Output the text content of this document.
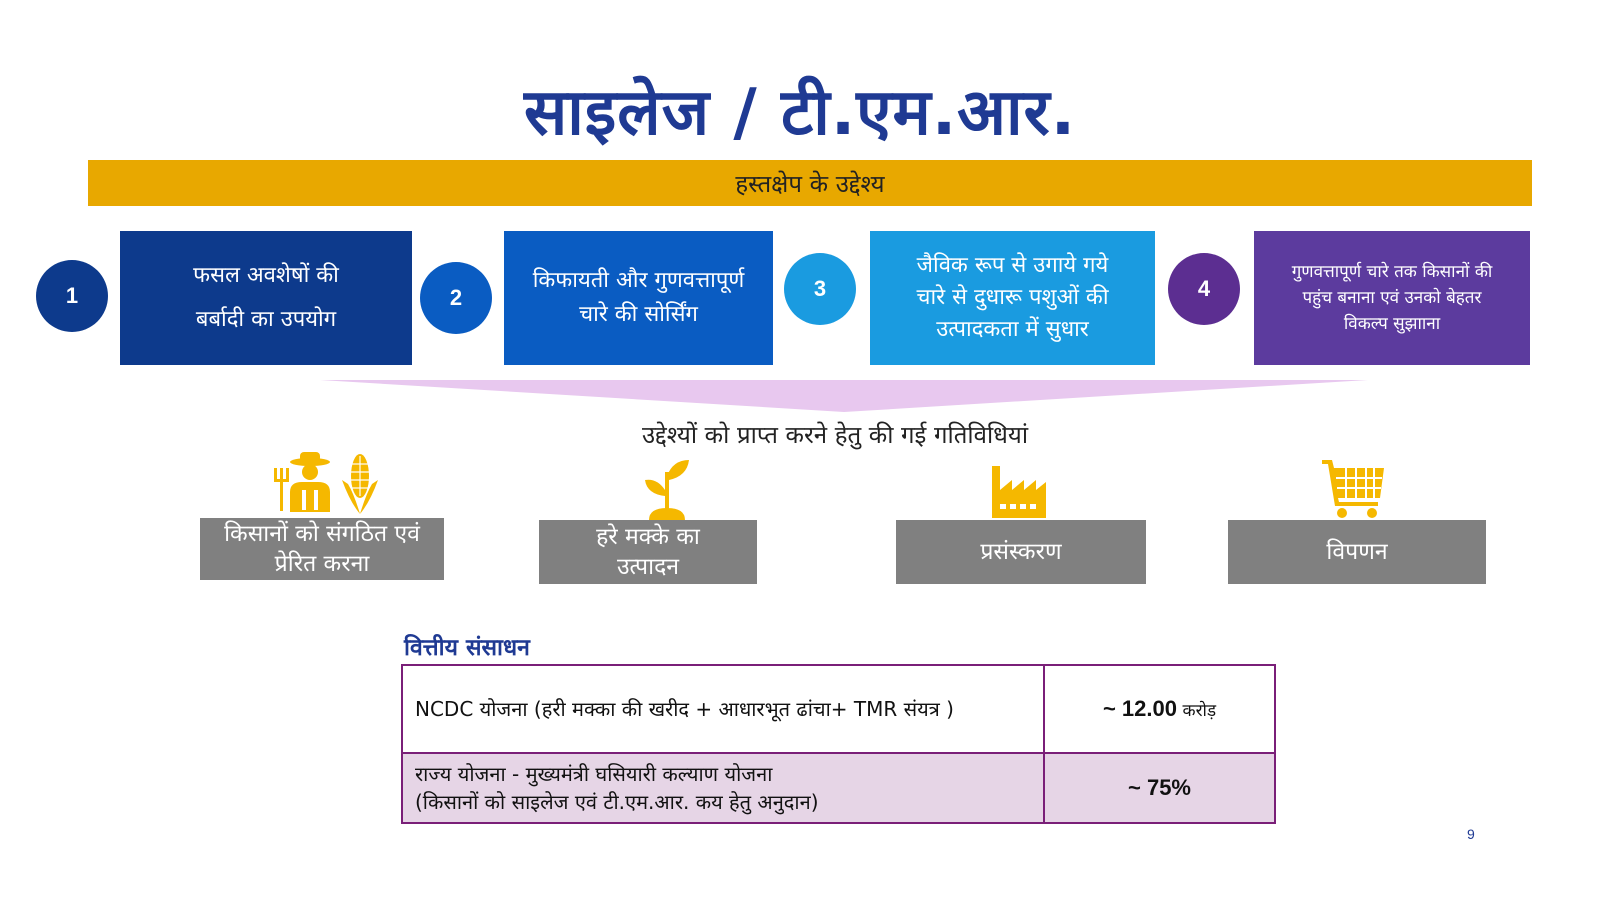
साइलेज / टी.एम.आर.
हस्तक्षेप के उद्देश्य
1
फसल अवशेषों की
बर्बादी का उपयोग
2
किफायती और गुणवत्तापूर्ण
चारे की सोर्सिंग
3
जैविक रूप से उगाये गये
चारे से दुधारू पशुओं की
उत्पादकता में सुधार
4
गुणवत्तापूर्ण चारे तक किसानों की
पहुंच बनाना एवं उनको बेहतर
विकल्प सुझााना
उद्देश्यों को प्राप्त करने हेतु की गई गतिविधियां
किसानों को संगठित एवं
प्रेरित करना
हरे मक्के का
उत्पादन
प्रसंस्करण	विपणन
वित्तीय संसाधन
NCDC योजना (हरी मक्का की खरीद + आधारभूत ढांचा+ TMR संयत्र )	~ 12.00 करोड़

राज्य योजना - मुख्यमंत्री घसियारी कल्याण योजना
(किसानों को साइलेज एवं टी.एम.आर. कय हेतु अनुदान)	~ 75%
9
